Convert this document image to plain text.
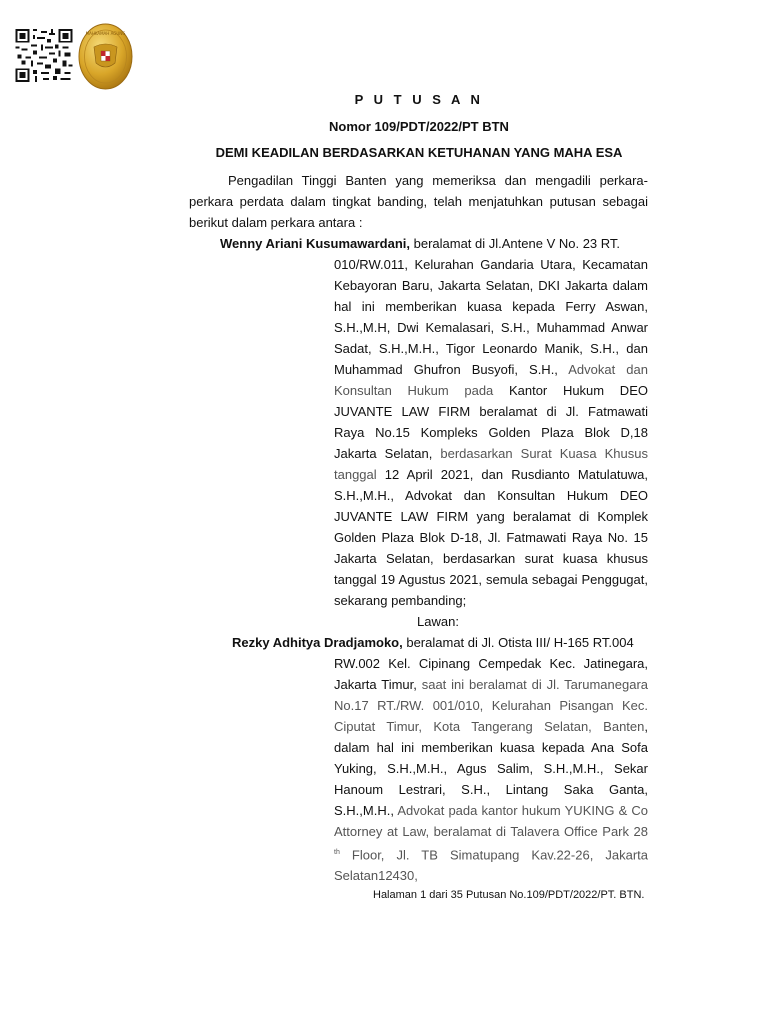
MAHKAMAH AGUNG
P U T U S A N
Nomor 109/PDT/2022/PT BTN
DEMI KEADILAN BERDASARKAN KETUHANAN YANG MAHA ESA
Pengadilan Tinggi Banten yang memeriksa dan mengadili perkara-perkara perdata dalam tingkat banding, telah menjatuhkan putusan sebagai berikut dalam perkara antara :
Wenny Ariani Kusumawardani, beralamat di Jl.Antene V No. 23 RT.
010/RW.011, Kelurahan Gandaria Utara, Kecamatan Kebayoran Baru, Jakarta Selatan, DKI Jakarta dalam hal ini memberikan kuasa kepada Ferry Aswan, S.H.,M.H, Dwi Kemalasari, S.H., Muhammad Anwar Sadat, S.H.,M.H., Tigor Leonardo Manik, S.H., dan Muhammad Ghufron Busyofi, S.H., Advokat dan Konsultan Hukum pada Kantor Hukum DEO JUVANTE LAW FIRM beralamat di Jl. Fatmawati Raya No.15 Kompleks Golden Plaza Blok D,18 Jakarta Selatan, berdasarkan Surat Kuasa Khusus tanggal 12 April 2021, dan Rusdianto Matulatuwa, S.H.,M.H., Advokat dan Konsultan Hukum DEO JUVANTE LAW FIRM yang beralamat di Komplek Golden Plaza Blok D-18, Jl. Fatmawati Raya No. 15 Jakarta Selatan, berdasarkan surat kuasa khusus tanggal 19 Agustus 2021, semula sebagai Penggugat, sekarang pembanding;
Lawan:
Rezky Adhitya Dradjamoko, beralamat di Jl. Otista III/ H-165 RT.004
RW.002 Kel. Cipinang Cempedak Kec. Jatinegara, Jakarta Timur, saat ini beralamat di Jl. Tarumanegara No.17 RT./RW. 001/010, Kelurahan Pisangan Kec. Ciputat Timur, Kota Tangerang Selatan, Banten, dalam hal ini memberikan kuasa kepada Ana Sofa Yuking, S.H.,M.H., Agus Salim, S.H.,M.H., Sekar Hanoum Lestrari, S.H., Lintang Saka Ganta, S.H.,M.H., Advokat pada kantor hukum YUKING & Co Attorney at Law, beralamat di Talavera Office Park 28 $^{th}$ Floor, Jl. TB Simatupang Kav.22-26, Jakarta Selatan12430,
Halaman 1 dari 35 Putusan No.109/PDT/2022/PT. BTN.
